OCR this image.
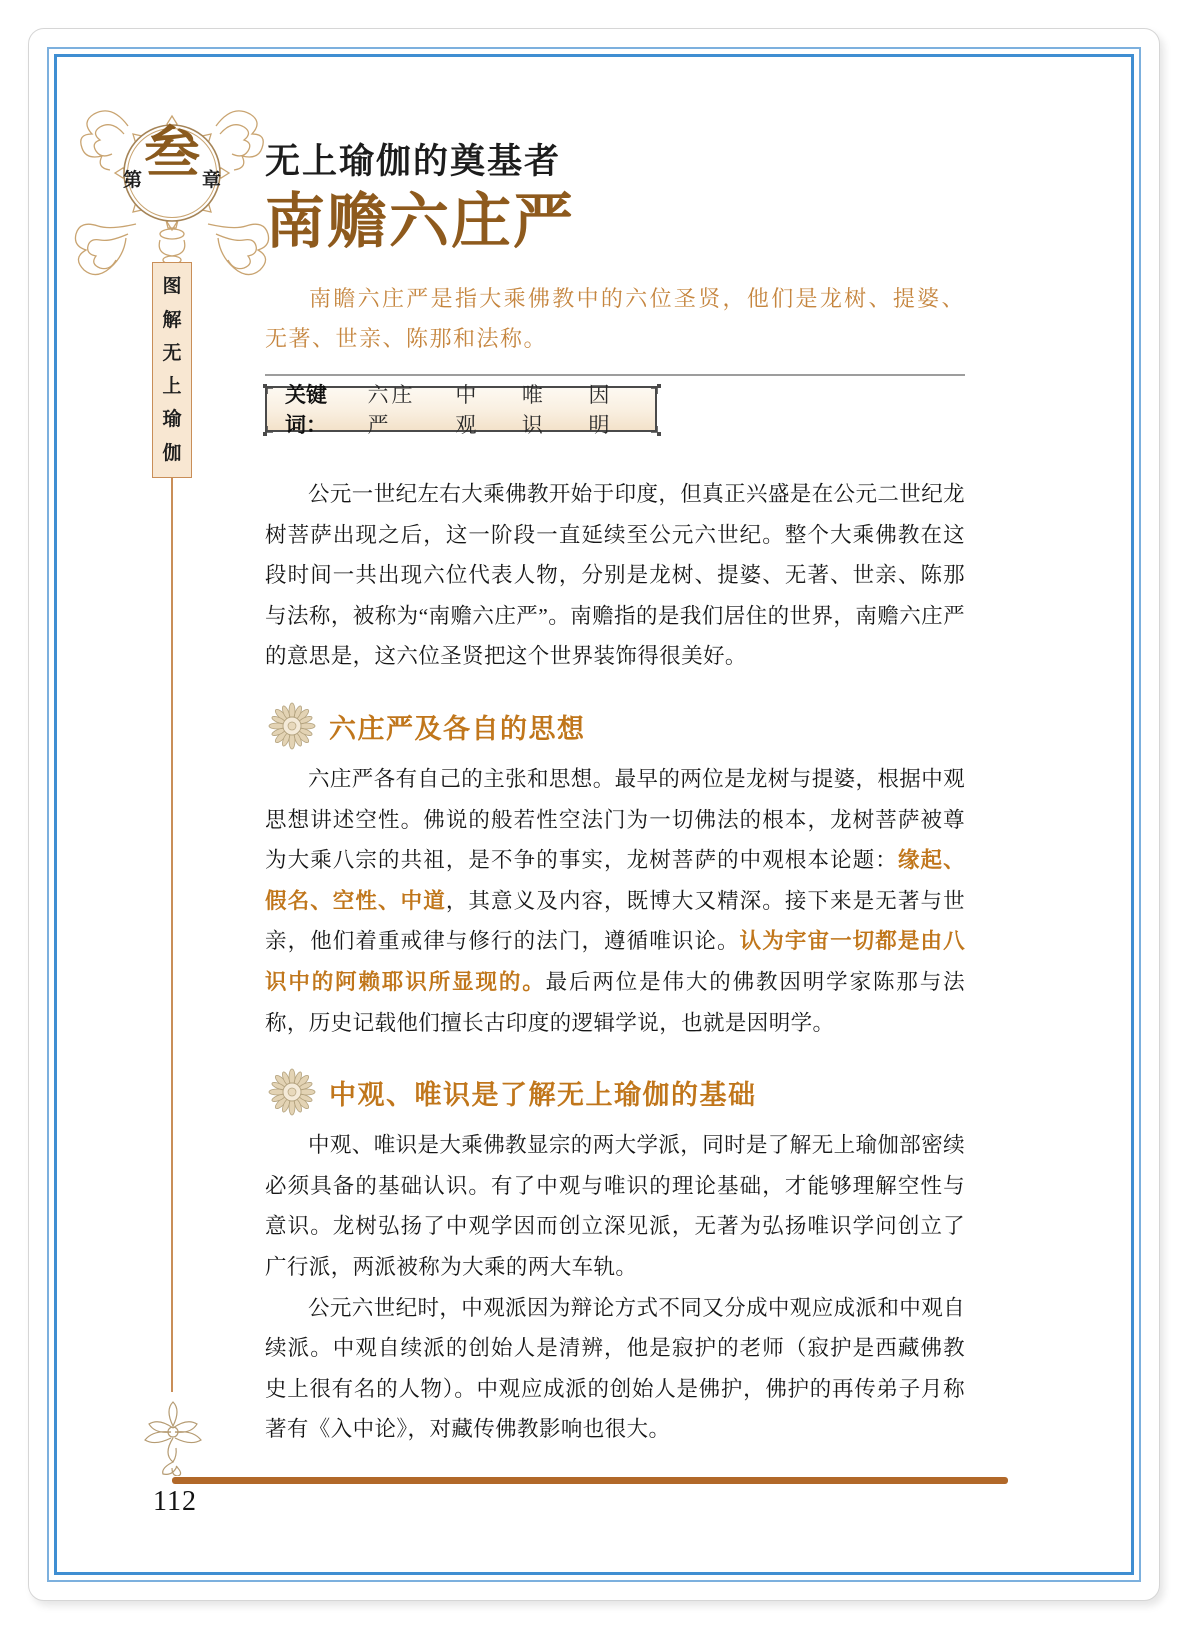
第 叁 章
图
解
无
上
瑜
伽
112
无上瑜伽的奠基者
南赡六庄严
南瞻六庄严是指大乘佛教中的六位圣贤，他们是龙树、提婆、无著、世亲、陈那和法称。
关键词：
六庄严
中观
唯识
因明

公元一世纪左右大乘佛教开始于印度，但真正兴盛是在公元二世纪龙树菩萨出现之后，这一阶段一直延续至公元六世纪。整个大乘佛教在这段时间一共出现六位代表人物，分别是龙树、提婆、无著、世亲、陈那与法称，被称为“南赡六庄严”。南赡指的是我们居住的世界，南赡六庄严的意思是，这六位圣贤把这个世界装饰得很美好。

六庄严及各自的思想

六庄严各有自己的主张和思想。最早的两位是龙树与提婆，根据中观思想讲述空性。佛说的般若性空法门为一切佛法的根本，龙树菩萨被尊为大乘八宗的共祖，是不争的事实，龙树菩萨的中观根本论题：缘起、假名、空性、中道，其意义及内容，既博大又精深。接下来是无著与世亲，他们着重戒律与修行的法门，遵循唯识论。认为宇宙一切都是由八识中的阿赖耶识所显现的。最后两位是伟大的佛教因明学家陈那与法称，历史记载他们擅长古印度的逻辑学说，也就是因明学。

中观、唯识是了解无上瑜伽的基础

中观、唯识是大乘佛教显宗的两大学派，同时是了解无上瑜伽部密续必须具备的基础认识。有了中观与唯识的理论基础，才能够理解空性与意识。龙树弘扬了中观学因而创立深见派，无著为弘扬唯识学问创立了广行派，两派被称为大乘的两大车轨。

公元六世纪时，中观派因为辩论方式不同又分成中观应成派和中观自续派。中观自续派的创始人是清辨，他是寂护的老师（寂护是西藏佛教史上很有名的人物）。中观应成派的创始人是佛护，佛护的再传弟子月称著有《入中论》，对藏传佛教影响也很大。
